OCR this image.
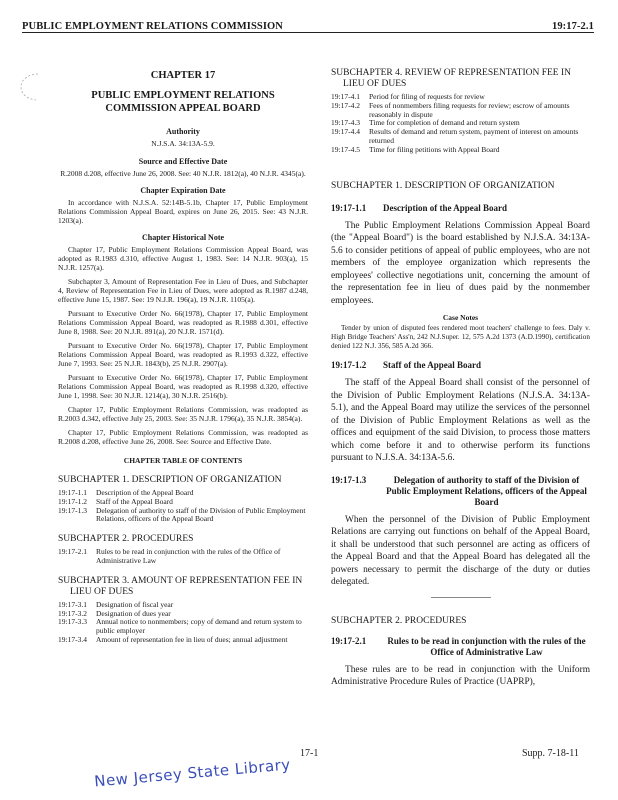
PUBLIC EMPLOYMENT RELATIONS COMMISSION	19:17-2.1
CHAPTER 17
PUBLIC EMPLOYMENT RELATIONS COMMISSION APPEAL BOARD
Authority
N.J.S.A. 34:13A-5.9.
Source and Effective Date
R.2008 d.208, effective June 26, 2008. See: 40 N.J.R. 1812(a), 40 N.J.R. 4345(a).
Chapter Expiration Date
In accordance with N.J.S.A. 52:14B-5.1b, Chapter 17, Public Employment Relations Commission Appeal Board, expires on June 26, 2015. See: 43 N.J.R. 1203(a).
Chapter Historical Note
Chapter 17, Public Employment Relations Commission Appeal Board, was adopted as R.1983 d.310, effective August 1, 1983. See: 14 N.J.R. 903(a), 15 N.J.R. 1257(a).
Subchapter 3, Amount of Representation Fee in Lieu of Dues, and Subchapter 4, Review of Representation Fee in Lieu of Dues, were adopted as R.1987 d.248, effective June 15, 1987. See: 19 N.J.R. 196(a), 19 N.J.R. 1105(a).
Pursuant to Executive Order No. 66(1978), Chapter 17, Public Employment Relations Commission Appeal Board, was readopted as R.1988 d.301, effective June 8, 1988. See: 20 N.J.R. 891(a), 20 N.J.R. 1571(d).
Pursuant to Executive Order No. 66(1978), Chapter 17, Public Employment Relations Commission Appeal Board, was readopted as R.1993 d.322, effective June 7, 1993. See: 25 N.J.R. 1843(b), 25 N.J.R. 2907(a).
Pursuant to Executive Order No. 66(1978), Chapter 17, Public Employment Relations Commission Appeal Board, was readopted as R.1998 d.320, effective June 1, 1998. See: 30 N.J.R. 1214(a), 30 N.J.R. 2516(b).
Chapter 17, Public Employment Relations Commission, was readopted as R.2003 d.342, effective July 25, 2003. See: 35 N.J.R. 1796(a), 35 N.J.R. 3854(a).
Chapter 17, Public Employment Relations Commission, was readopted as R.2008 d.208, effective June 26, 2008. See: Source and Effective Date.
CHAPTER TABLE OF CONTENTS
SUBCHAPTER 1. DESCRIPTION OF ORGANIZATION
19:17-1.1	Description of the Appeal Board
19:17-1.2	Staff of the Appeal Board
19:17-1.3	Delegation of authority to staff of the Division of Public Employment Relations, officers of the Appeal Board
SUBCHAPTER 2. PROCEDURES
19:17-2.1	Rules to be read in conjunction with the rules of the Office of Administrative Law
SUBCHAPTER 3. AMOUNT OF REPRESENTATION FEE IN LIEU OF DUES
19:17-3.1	Designation of fiscal year
19:17-3.2	Designation of dues year
19:17-3.3	Annual notice to nonmembers; copy of demand and return system to public employer
19:17-3.4	Amount of representation fee in lieu of dues; annual adjustment
SUBCHAPTER 4. REVIEW OF REPRESENTATION FEE IN LIEU OF DUES
19:17-4.1	Period for filing of requests for review
19:17-4.2	Fees of nonmembers filing requests for review; escrow of amounts reasonably in dispute
19:17-4.3	Time for completion of demand and return system
19:17-4.4	Results of demand and return system, payment of interest on amounts returned
19:17-4.5	Time for filing petitions with Appeal Board
SUBCHAPTER 1. DESCRIPTION OF ORGANIZATION
19:17-1.1	Description of the Appeal Board
The Public Employment Relations Commission Appeal Board (the "Appeal Board") is the board established by N.J.S.A. 34:13A-5.6 to consider petitions of appeal of public employees, who are not members of the employee organization which represents the employees' collective negotiations unit, concerning the amount of the representation fee in lieu of dues paid by the nonmember employees.
Case Notes
Tender by union of disputed fees rendered moot teachers' challenge to fees. Daly v. High Bridge Teachers' Ass'n, 242 N.J.Super. 12, 575 A.2d 1373 (A.D.1990), certification denied 122 N.J. 356, 585 A.2d 366.
19:17-1.2	Staff of the Appeal Board
The staff of the Appeal Board shall consist of the personnel of the Division of Public Employment Relations (N.J.S.A. 34:13A-5.1), and the Appeal Board may utilize the services of the personnel of the Division of Public Employment Relations as well as the offices and equipment of the said Division, to process those matters which come before it and to otherwise perform its functions pursuant to N.J.S.A. 34:13A-5.6.
19:17-1.3	Delegation of authority to staff of the Division of Public Employment Relations, officers of the Appeal Board
When the personnel of the Division of Public Employment Relations are carrying out functions on behalf of the Appeal Board, it shall be understood that such personnel are acting as officers of the Appeal Board and that the Appeal Board has delegated all the powers necessary to permit the discharge of the duty or duties delegated.
SUBCHAPTER 2. PROCEDURES
19:17-2.1	Rules to be read in conjunction with the rules of the Office of Administrative Law
These rules are to be read in conjunction with the Uniform Administrative Procedure Rules of Practice (UAPRP),
17-1	Supp. 7-18-11
New Jersey State Library
